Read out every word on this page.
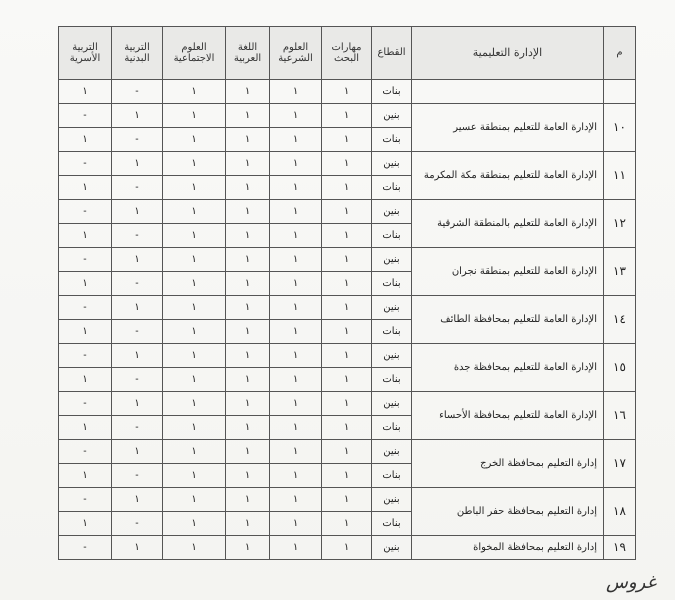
م	الإدارة التعليمية	القطاع	مهارات البحث	العلوم الشرعية	اللغة العربية	العلوم الاجتماعية	التربية البدنية	التربية الأسرية
		بنات	١	١	١	١	-	١
١٠	الإدارة العامة للتعليم بمنطقة عسير	بنين	١	١	١	١	١	-
		بنات	١	١	١	١	-	١
١١	الإدارة العامة للتعليم بمنطقة مكة المكرمة	بنين	١	١	١	١	١	-
		بنات	١	١	١	١	-	١
١٢	الإدارة العامة للتعليم بالمنطقة الشرقية	بنين	١	١	١	١	١	-
		بنات	١	١	١	١	-	١
١٣	الإدارة العامة للتعليم بمنطقة نجران	بنين	١	١	١	١	١	-
		بنات	١	١	١	١	-	١
١٤	الإدارة العامة للتعليم بمحافظة الطائف	بنين	١	١	١	١	١	-
		بنات	١	١	١	١	-	١
١٥	الإدارة العامة للتعليم بمحافظة جدة	بنين	١	١	١	١	١	-
		بنات	١	١	١	١	-	١
١٦	الإدارة العامة للتعليم بمحافظة الأحساء	بنين	١	١	١	١	١	-
		بنات	١	١	١	١	-	١
١٧	إدارة التعليم بمحافظة الخرج	بنين	١	١	١	١	١	-
		بنات	١	١	١	١	-	١
١٨	إدارة التعليم بمحافظة حفر الباطن	بنين	١	١	١	١	١	-
		بنات	١	١	١	١	-	١
١٩	إدارة التعليم بمحافظة المخواة	بنين	١	١	١	١	١	-
غروس
